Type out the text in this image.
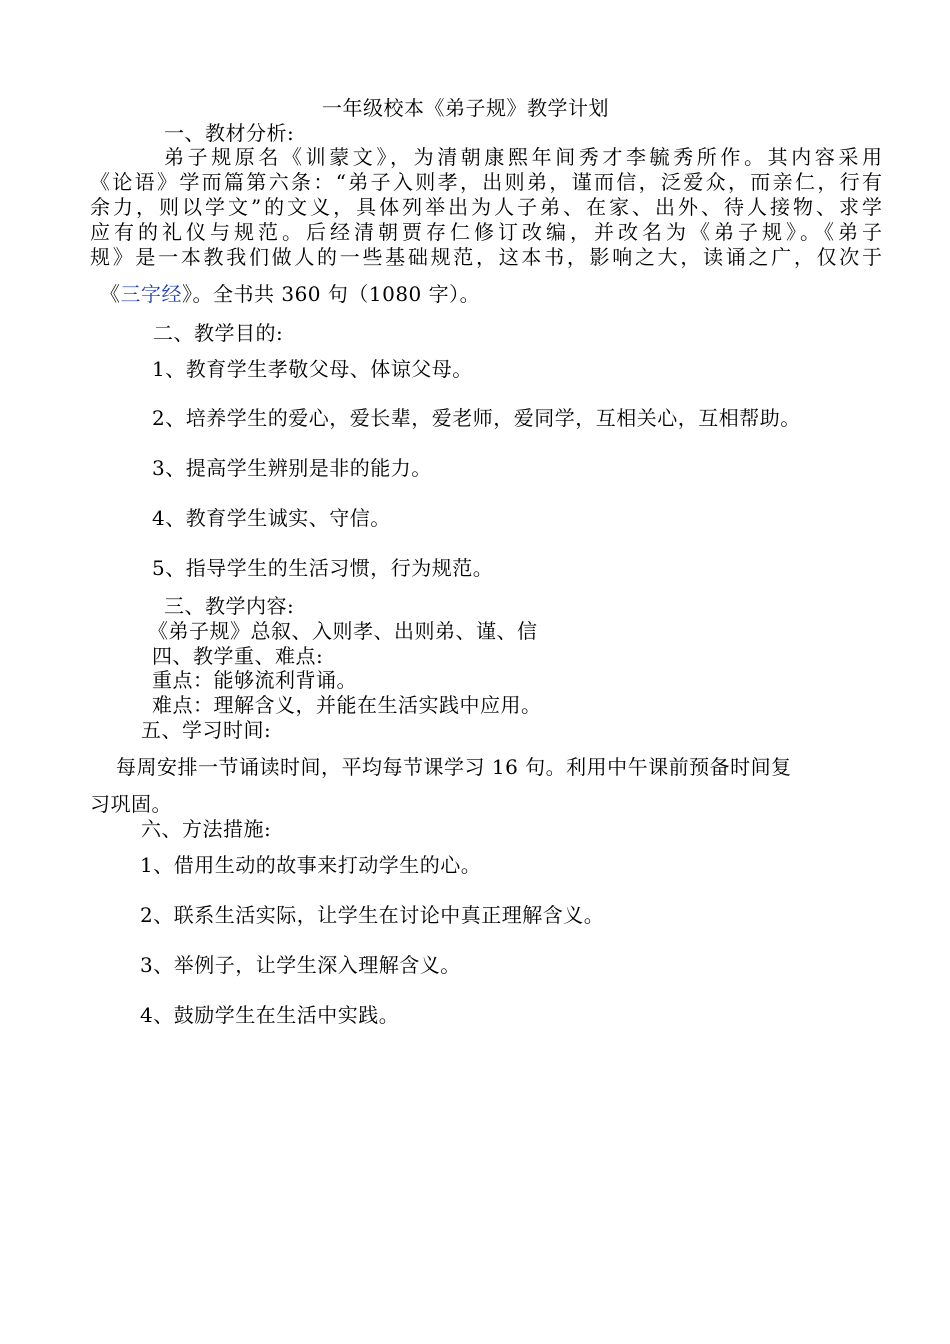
一年级校本《弟子规》教学计划
一、教材分析:
弟子规原名《训蒙文》，为清朝康熙年间秀才李毓秀所作。其内容采用
《论语》学而篇第六条：“弟子入则孝，出则弟，谨而信，泛爱众，而亲仁，行有
余力，则以学文”的文义，具体列举出为人子弟、在家、出外、待人接物、求学
应有的礼仪与规范。后经清朝贾存仁修订改编，并改名为《弟子规》。《弟子
规》是一本教我们做人的一些基础规范，这本书，影响之大，读诵之广，仅次于
《三字经》。全书共 360 句（1080 字）。
二、教学目的:
1、教育学生孝敬父母、体谅父母。
2、培养学生的爱心，爱长辈，爱老师，爱同学，互相关心，互相帮助。
3、提高学生辨别是非的能力。
4、教育学生诚实、守信。
5、指导学生的生活习惯，行为规范。
三、教学内容:
《弟子规》总叙、入则孝、出则弟、谨、信
四、教学重、难点:
重点：能够流利背诵。
难点：理解含义，并能在生活实践中应用。
五、学习时间:
每周安排一节诵读时间，平均每节课学习 16 句。利用中午课前预备时间复
习巩固。
六、方法措施:
1、借用生动的故事来打动学生的心。
2、联系生活实际，让学生在讨论中真正理解含义。
3、举例子，让学生深入理解含义。
4、鼓励学生在生活中实践。
